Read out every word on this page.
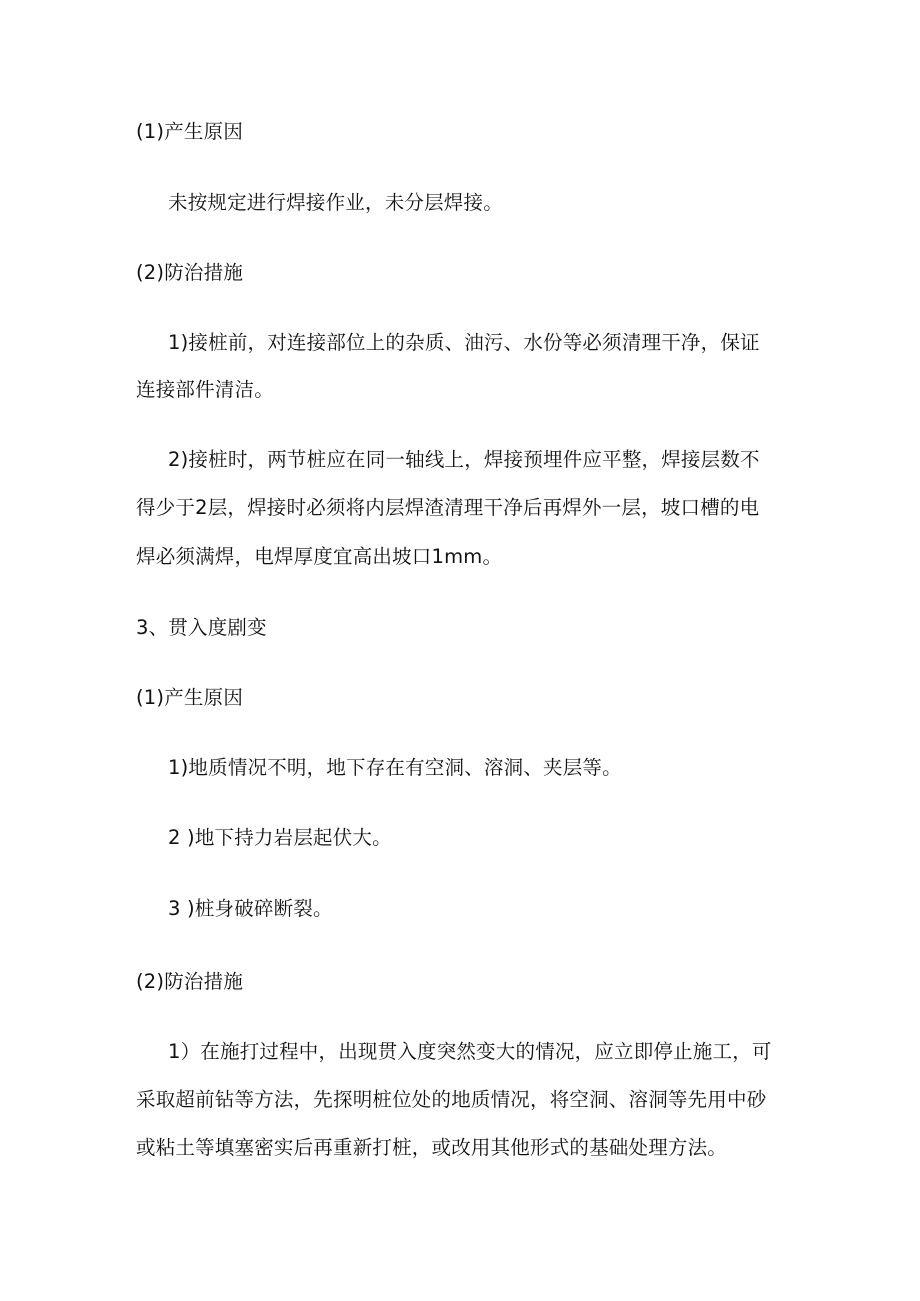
(1)产生原因
未按规定进行焊接作业，未分层焊接。
(2)防治措施
1)接桩前，对连接部位上的杂质、油污、水份等必须清理干净，保证
连接部件清洁。
2)接桩时，两节桩应在同一轴线上，焊接预埋件应平整，焊接层数不
得少于2层，焊接时必须将内层焊渣清理干净后再焊外一层，坡口槽的电
焊必须满焊，电焊厚度宜高出坡口1mm。
3、贯入度剧变
(1)产生原因
1)地质情况不明，地下存在有空洞、溶洞、夹层等。
2 )地下持力岩层起伏大。
3 )桩身破碎断裂。
(2)防治措施
1）在施打过程中，出现贯入度突然变大的情况，应立即停止施工，可
采取超前钻等方法，先探明桩位处的地质情况，将空洞、溶洞等先用中砂
或粘土等填塞密实后再重新打桩，或改用其他形式的基础处理方法。
